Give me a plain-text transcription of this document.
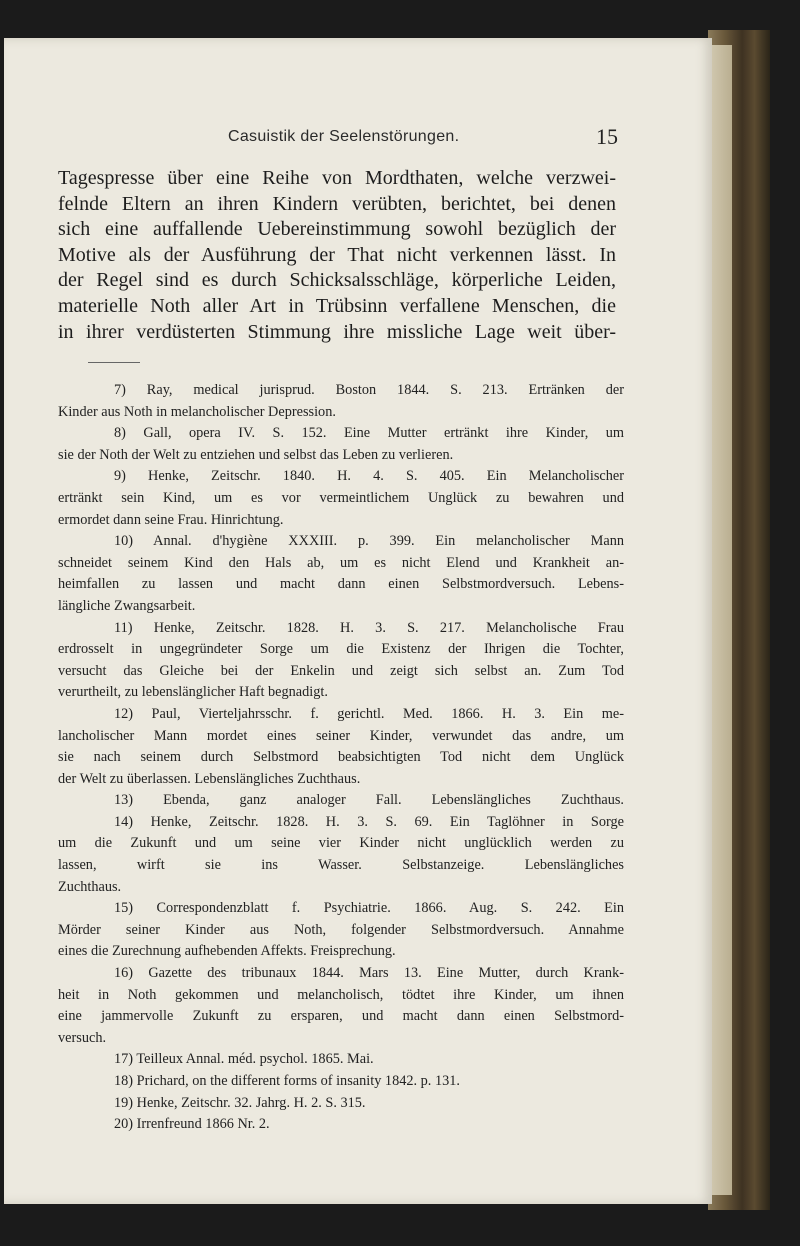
Casuistik der Seelenstörungen.	15
Tagespresse über eine Reihe von Mordthaten, welche verzwei-
felnde Eltern an ihren Kindern verübten, berichtet, bei denen
sich eine auffallende Uebereinstimmung sowohl bezüglich der
Motive als der Ausführung der That nicht verkennen lässt. In
der Regel sind es durch Schicksalsschläge, körperliche Leiden,
materielle Noth aller Art in Trübsinn verfallene Menschen, die
in ihrer verdüsterten Stimmung ihre missliche Lage weit über-
7) Ray, medical jurisprud. Boston 1844. S. 213. Ertränken der
Kinder aus Noth in melancholischer Depression.
8) Gall, opera IV. S. 152. Eine Mutter ertränkt ihre Kinder, um
sie der Noth der Welt zu entziehen und selbst das Leben zu verlieren.
9) Henke, Zeitschr. 1840. H. 4. S. 405. Ein Melancholischer
ertränkt sein Kind, um es vor vermeintlichem Unglück zu bewahren und
ermordet dann seine Frau. Hinrichtung.
10) Annal. d'hygiène XXXIII. p. 399. Ein melancholischer Mann
schneidet seinem Kind den Hals ab, um es nicht Elend und Krankheit an-
heimfallen zu lassen und macht dann einen Selbstmordversuch. Lebens-
längliche Zwangsarbeit.
11) Henke, Zeitschr. 1828. H. 3. S. 217. Melancholische Frau
erdrosselt in ungegründeter Sorge um die Existenz der Ihrigen die Tochter,
versucht das Gleiche bei der Enkelin und zeigt sich selbst an. Zum Tod
verurtheilt, zu lebenslänglicher Haft begnadigt.
12) Paul, Vierteljahrsschr. f. gerichtl. Med. 1866. H. 3. Ein me-
lancholischer Mann mordet eines seiner Kinder, verwundet das andre, um
sie nach seinem durch Selbstmord beabsichtigten Tod nicht dem Unglück
der Welt zu überlassen. Lebenslängliches Zuchthaus.
13) Ebenda, ganz analoger Fall. Lebenslängliches Zuchthaus.
14) Henke, Zeitschr. 1828. H. 3. S. 69. Ein Taglöhner in Sorge
um die Zukunft und um seine vier Kinder nicht unglücklich werden zu
lassen, wirft sie ins Wasser. Selbstanzeige. Lebenslängliches
Zuchthaus.
15) Correspondenzblatt f. Psychiatrie. 1866. Aug. S. 242. Ein
Mörder seiner Kinder aus Noth, folgender Selbstmordversuch. Annahme
eines die Zurechnung aufhebenden Affekts. Freisprechung.
16) Gazette des tribunaux 1844. Mars 13. Eine Mutter, durch Krank-
heit in Noth gekommen und melancholisch, tödtet ihre Kinder, um ihnen
eine jammervolle Zukunft zu ersparen, und macht dann einen Selbstmord-
versuch.
17) Teilleux Annal. méd. psychol. 1865. Mai.
18) Prichard, on the different forms of insanity 1842. p. 131.
19) Henke, Zeitschr. 32. Jahrg. H. 2. S. 315.
20) Irrenfreund 1866 Nr. 2.
